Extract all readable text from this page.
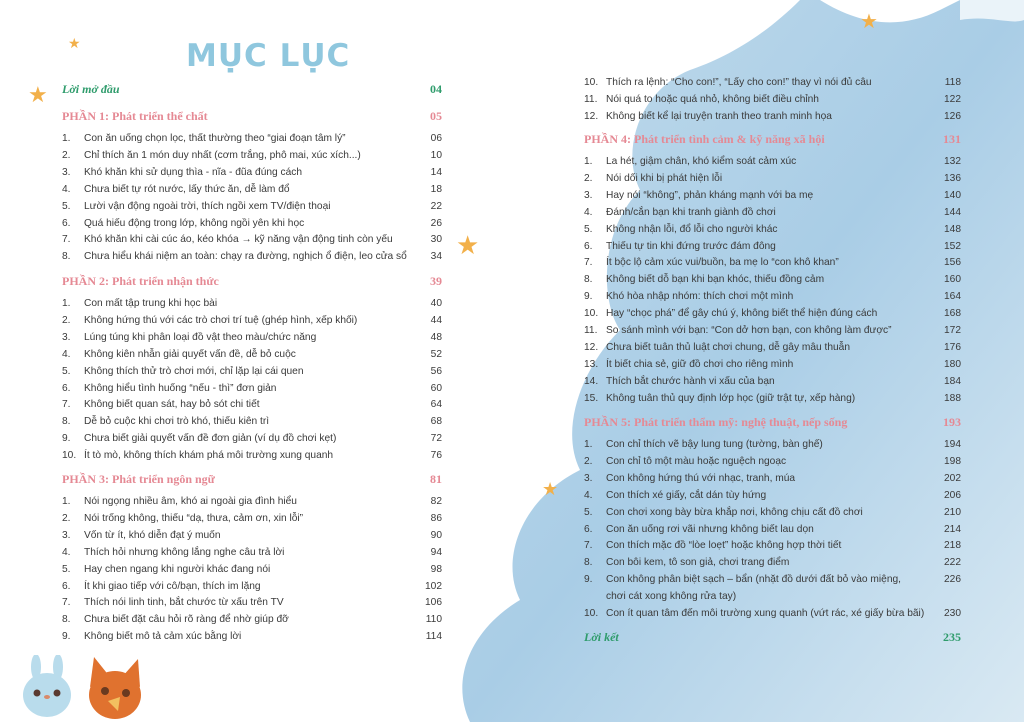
★
★
★
★
★
MỤC LỤC
Lời mở đầu	04
PHẦN 1: Phát triển thể chất	05
1. Con ăn uống chọn lọc, thất thường theo “giai đoạn tâm lý”	06
2. Chỉ thích ăn 1 món duy nhất (cơm trắng, phô mai, xúc xích...)	10
3. Khó khăn khi sử dụng thìa - nĩa - đũa đúng cách	14
4. Chưa biết tự rót nước, lấy thức ăn, dễ làm đổ	18
5. Lười vận động ngoài trời, thích ngồi xem TV/điện thoại	22
6. Quá hiếu động trong lớp, không ngồi yên khi học	26
7. Khó khăn khi cài cúc áo, kéo khóa → kỹ năng vận động tinh còn yếu	30
8. Chưa hiểu khái niệm an toàn: chạy ra đường, nghịch ổ điện, leo cửa sổ 34
PHẦN 2: Phát triển nhận thức	39
1. Con mất tập trung khi học bài	40
2. Không hứng thú với các trò chơi trí tuệ (ghép hình, xếp khối)	44
3. Lúng túng khi phân loại đồ vật theo màu/chức năng	48
4. Không kiên nhẫn giải quyết vấn đề, dễ bỏ cuộc	52
5. Không thích thử trò chơi mới, chỉ lặp lại cái quen	56
6. Không hiểu tình huống “nếu - thì” đơn giản	60
7. Không biết quan sát, hay bỏ sót chi tiết	64
8. Dễ bỏ cuộc khi chơi trò khó, thiếu kiên trì	68
9. Chưa biết giải quyết vấn đề đơn giản (ví dụ đồ chơi kẹt)	72
10. Ít tò mò, không thích khám phá môi trường xung quanh	76
PHẦN 3: Phát triển ngôn ngữ	81
1. Nói ngọng nhiều âm, khó ai ngoài gia đình hiểu	82
2. Nói trống không, thiếu “dạ, thưa, cảm ơn, xin lỗi”	86
3. Vốn từ ít, khó diễn đạt ý muốn	90
4. Thích hỏi nhưng không lắng nghe câu trả lời	94
5. Hay chen ngang khi người khác đang nói	98
6. Ít khi giao tiếp với cô/bạn, thích im lặng	102
7. Thích nói linh tinh, bắt chước từ xấu trên TV	106
8. Chưa biết đặt câu hỏi rõ ràng để nhờ giúp đỡ	110
9. Không biết mô tả cảm xúc bằng lời	114
10. Thích ra lệnh: “Cho con!”, “Lấy cho con!” thay vì nói đủ câu	118
11. Nói quá to hoặc quá nhỏ, không biết điều chỉnh	122
12. Không biết kể lại truyện tranh theo tranh minh họa	126
PHẦN 4: Phát triển tình cảm & kỹ năng xã hội	131
1. La hét, giậm chân, khó kiểm soát cảm xúc	132
2. Nói dối khi bị phát hiện lỗi	136
3. Hay nói “không”, phản kháng mạnh với ba mẹ	140
4. Đánh/cắn bạn khi tranh giành đồ chơi	144
5. Không nhận lỗi, đổ lỗi cho người khác	148
6. Thiếu tự tin khi đứng trước đám đông	152
7. Ít bộc lộ cảm xúc vui/buồn, ba mẹ lo “con khô khan”	156
8. Không biết dỗ bạn khi bạn khóc, thiếu đồng cảm	160
9. Khó hòa nhập nhóm: thích chơi một mình	164
10. Hay “chọc phá” để gây chú ý, không biết thể hiện đúng cách	168
11. So sánh mình với bạn: “Con dở hơn bạn, con không làm được”	172
12. Chưa biết tuân thủ luật chơi chung, dễ gây mâu thuẫn	176
13. Ít biết chia sẻ, giữ đồ chơi cho riêng mình	180
14. Thích bắt chước hành vi xấu của bạn	184
15. Không tuân thủ quy định lớp học (giữ trật tự, xếp hàng)	188
PHẦN 5: Phát triển thẩm mỹ: nghệ thuật, nếp sống	193
1. Con chỉ thích vẽ bậy lung tung (tường, bàn ghế)	194
2. Con chỉ tô một màu hoặc nguệch ngoạc	198
3. Con không hứng thú với nhạc, tranh, múa	202
4. Con thích xé giấy, cắt dán tùy hứng	206
5. Con chơi xong bày bừa khắp nơi, không chịu cất đồ chơi	210
6. Con ăn uống rơi vãi nhưng không biết lau dọn	214
7. Con thích mặc đồ “lòe loẹt” hoặc không hợp thời tiết	218
8. Con bôi kem, tô son giả, chơi trang điểm	222
9. Con không phân biệt sạch – bẩn (nhặt đồ dưới đất bỏ vào miệng,	226
chơi cát xong không rửa tay)
10. Con ít quan tâm đến môi trường xung quanh (vứt rác, xé giấy bừa bãi) 230
Lời kết	235
